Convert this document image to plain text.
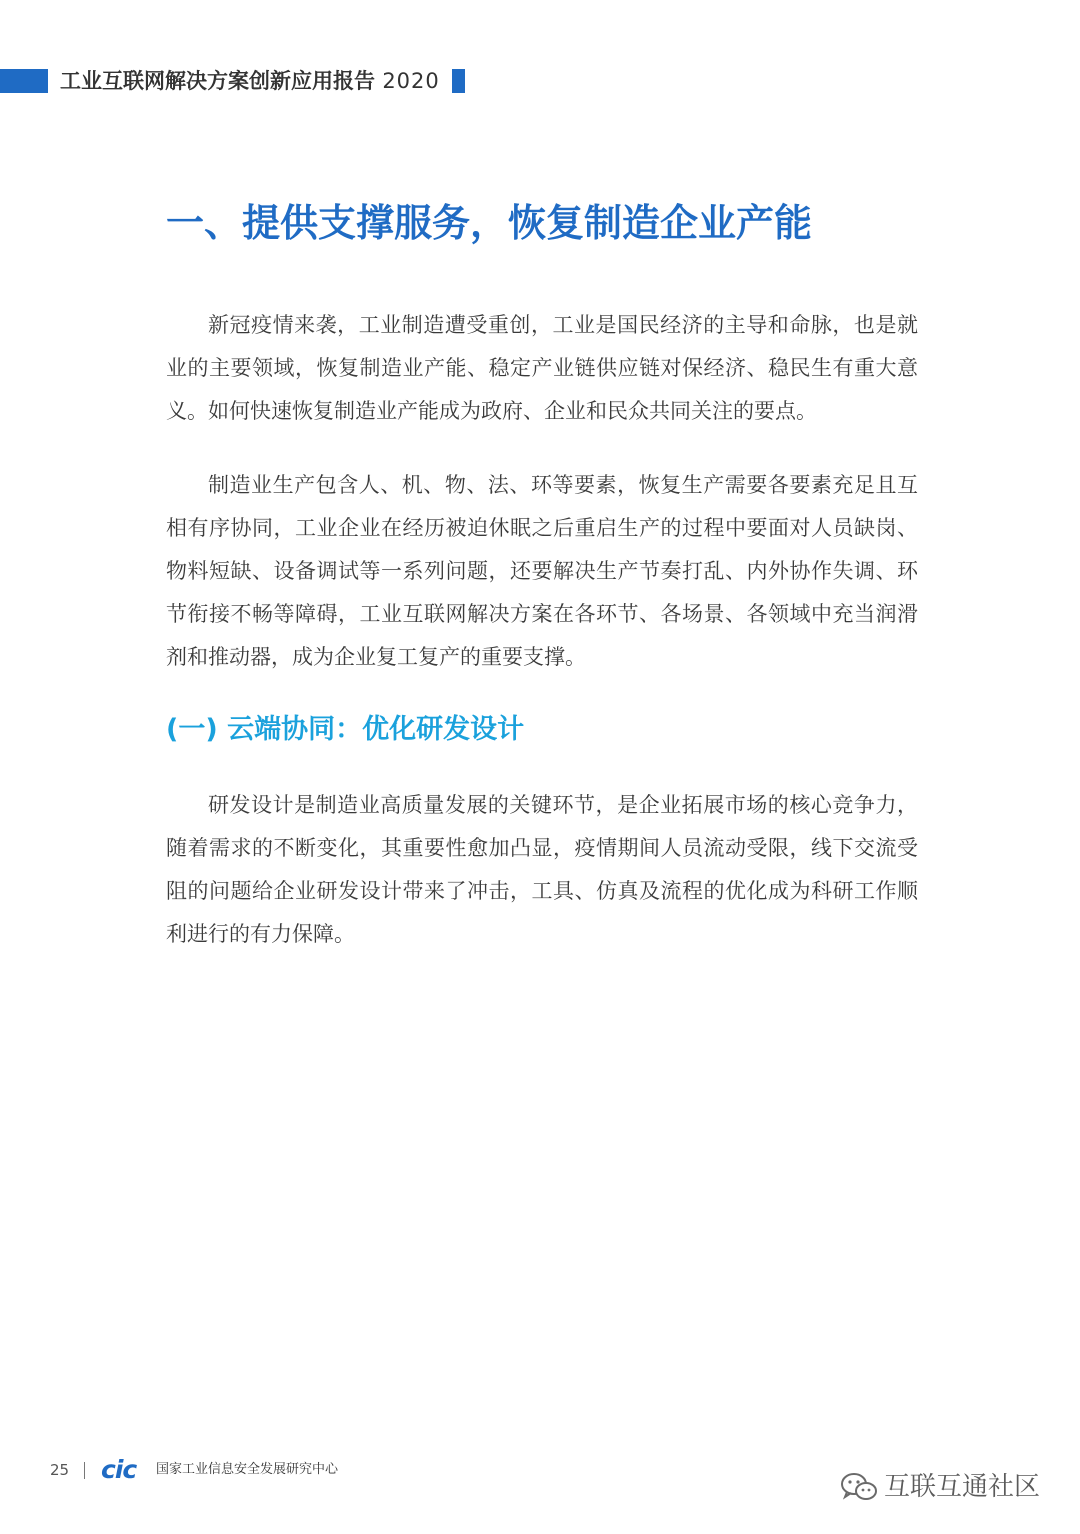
工业互联网解决方案创新应用报告 2020
一、提供支撑服务，恢复制造企业产能

新冠疫情来袭，工业制造遭受重创，工业是国民经济的主导和命脉，也是就业的主要领域，恢复制造业产能、稳定产业链供应链对保经济、稳民生有重大意义。如何快速恢复制造业产能成为政府、企业和民众共同关注的要点。

制造业生产包含人、机、物、法、环等要素，恢复生产需要各要素充足且互相有序协同，工业企业在经历被迫休眠之后重启生产的过程中要面对人员缺岗、物料短缺、设备调试等一系列问题，还要解决生产节奏打乱、内外协作失调、环节衔接不畅等障碍，工业互联网解决方案在各环节、各场景、各领域中充当润滑剂和推动器，成为企业复工复产的重要支撑。

(一) 云端协同：优化研发设计

研发设计是制造业高质量发展的关键环节，是企业拓展市场的核心竞争力，随着需求的不断变化，其重要性愈加凸显，疫情期间人员流动受限，线下交流受阻的问题给企业研发设计带来了冲击，工具、仿真及流程的优化成为科研工作顺利进行的有力保障。

25 cic 国家工业信息安全发展研究中心
互联互通社区
